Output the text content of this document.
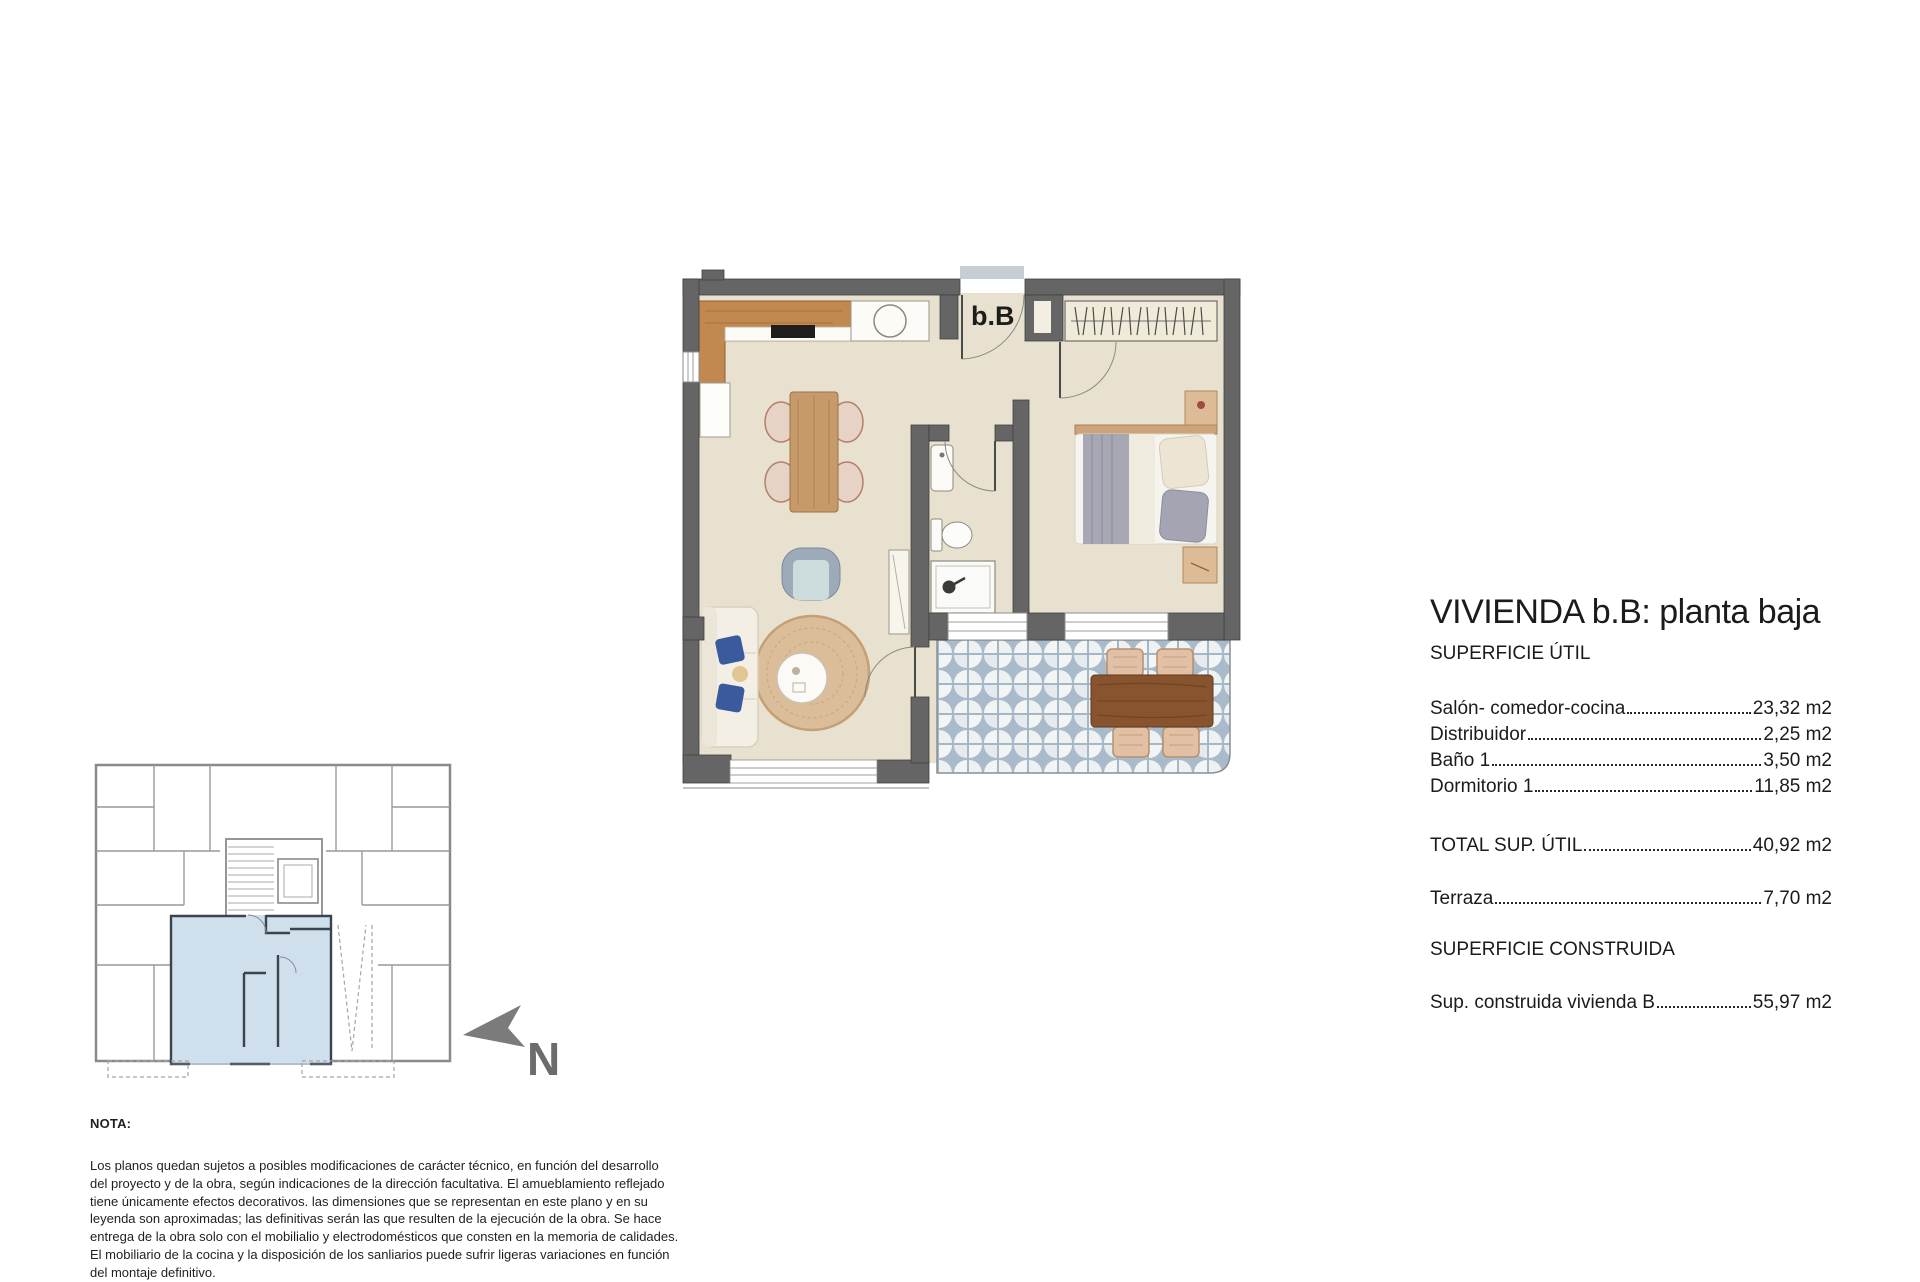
b.B
N
VIVIENDA b.B: planta baja
SUPERFICIE ÚTIL
Salón- comedor-cocina	23,32 m2
Distribuidor	2,25 m2
Baño 1	3,50 m2
Dormitorio 1	11,85 m2
TOTAL SUP. ÚTIL	40,92 m2
Terraza	7,70 m2
SUPERFICIE CONSTRUIDA
Sup. construida vivienda B	55,97 m2
NOTA:
Los planos quedan sujetos a posibles modificaciones de carácter técnico, en función del desarrollo
del proyecto y de la obra, según indicaciones de la dirección facultativa. El amueblamiento reflejado
tiene únicamente efectos decorativos. las dimensiones que se representan en este plano y en su
leyenda son aproximadas; las definitivas serán las que resulten de la ejecución de la obra. Se hace
entrega de la obra solo con el mobilialio y electrodomésticos que consten en la memoria de calidades.
El mobiliario de la cocina y la disposición de los sanliarios puede sufrir ligeras variaciones en función
del montaje definitivo.
